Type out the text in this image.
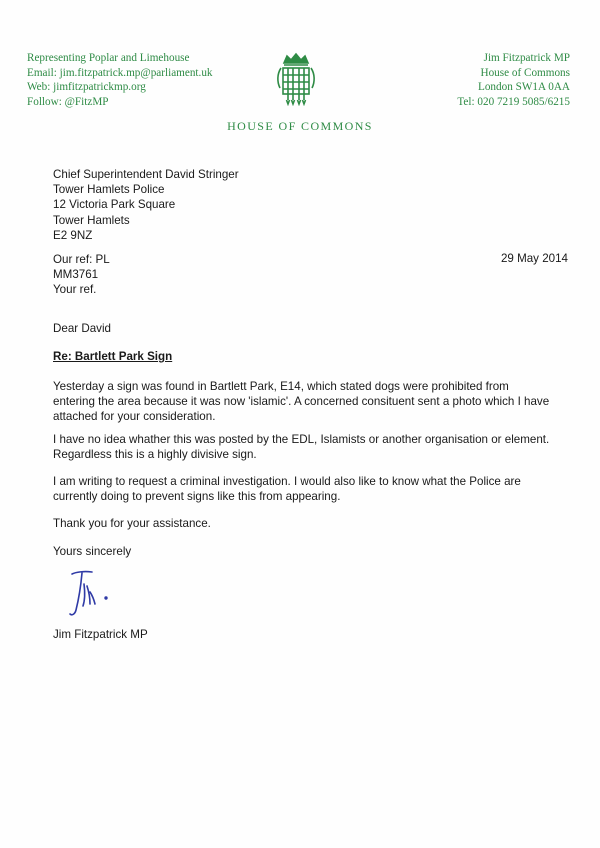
Representing Poplar and Limehouse
Email: jim.fitzpatrick.mp@parliament.uk
Web: jimfitzpatrickmp.org
Follow: @FitzMP
Jim Fitzpatrick MP
House of Commons
London SW1A 0AA
Tel: 020 7219 5085/6215
HOUSE OF COMMONS
Chief Superintendent David Stringer
Tower Hamlets Police
12 Victoria Park Square
Tower Hamlets
E2 9NZ
Our ref: PL
MM3761
Your ref.
29 May 2014
Dear David
Re: Bartlett Park Sign
Yesterday a sign was found in Bartlett Park, E14, which stated dogs were prohibited from entering the area because it was now 'islamic'. A concerned consituent sent a photo which I have attached for your consideration.
I have no idea whather this was posted by the EDL, Islamists or another organisation or element. Regardless this is a highly divisive sign.
I am writing to request a criminal investigation. I would also like to know what the Police are currently doing to prevent signs like this from appearing.
Thank you for your assistance.
Yours sincerely
Jim Fitzpatrick MP
